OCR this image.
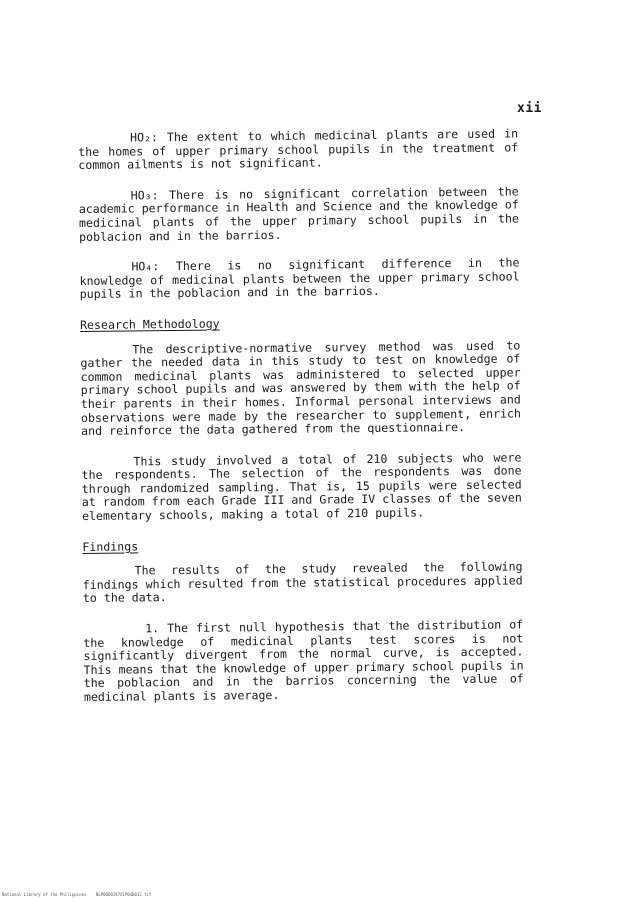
xii

HO₂: The extent to which medicinal plants are used in the homes of upper primary school pupils in the treatment of common ailments is not significant.

HO₃: There is no significant correlation between the academic performance in Health and Science and the knowledge of medicinal plants of the upper primary school pupils in the poblacion and in the barrios.

HO₄: There is no significant difference in the knowledge of medicinal plants between the upper primary school pupils in the poblacion and in the barrios.

Research Methodology

The descriptive-normative survey method was used to gather the needed data in this study to test on knowledge of common medicinal plants was administered to selected upper primary school pupils and was answered by them with the help of their parents in their homes. Informal personal interviews and observations were made by the researcher to supplement, enrich and reinforce the data gathered from the questionnaire.

This study involved a total of 210 subjects who were the respondents. The selection of the respondents was done through randomized sampling. That is, 15 pupils were selected at random from each Grade III and Grade IV classes of the seven elementary schools, making a total of 210 pupils.

Findings

The results of the study revealed the following findings which resulted from the statistical procedures applied to the data.

1. The first null hypothesis that the distribution of the knowledge of medicinal plants test scores is not significantly divergent from the normal curve, is accepted. This means that the knowledge of upper primary school pupils in the poblacion and in the barrios concerning the value of medicinal plants is average.

National Library of the Philippines    NLP00D0197X1P04D012.tif
